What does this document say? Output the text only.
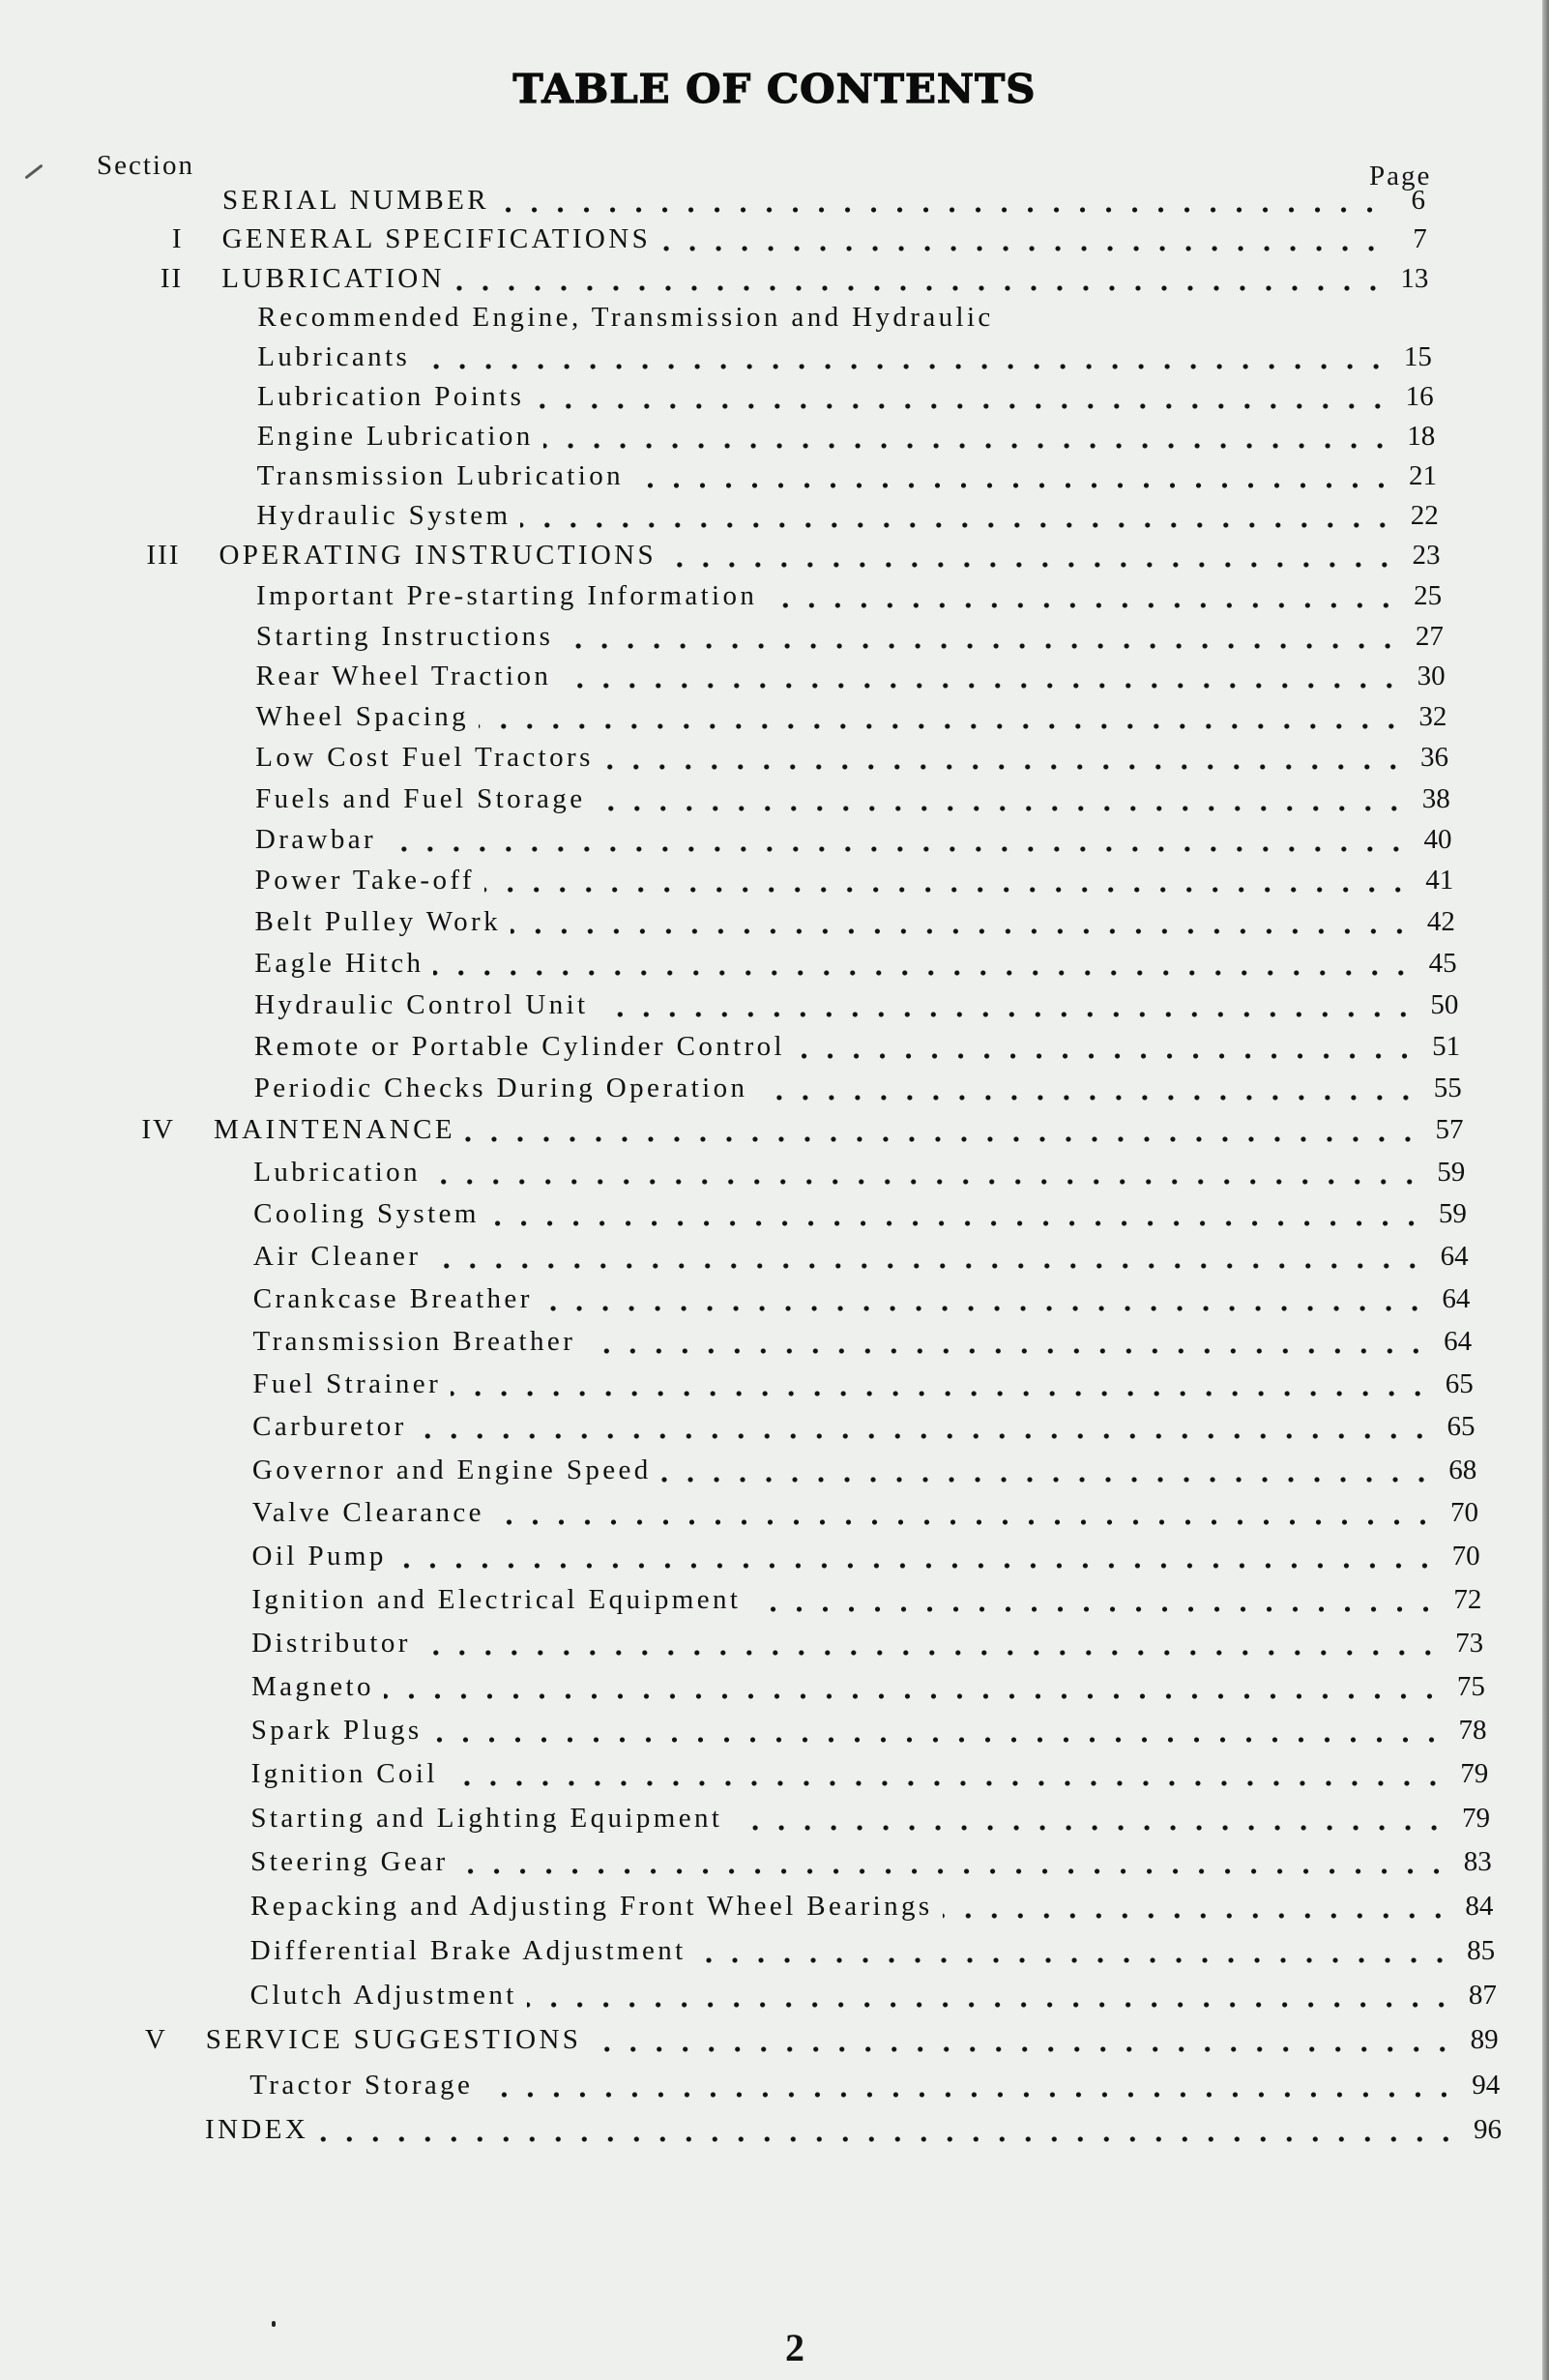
TABLE OF CONTENTS
Section	Page
SERIAL NUMBER	6
I GENERAL SPECIFICATIONS	7
II LUBRICATION	13
Recommended Engine, Transmission and Hydraulic
Lubricants	15
Lubrication Points	16
Engine Lubrication	18
Transmission Lubrication	21
Hydraulic System	22
III OPERATING INSTRUCTIONS	23
Important Pre-starting Information	25
Starting Instructions	27
Rear Wheel Traction	30
Wheel Spacing	32
Low Cost Fuel Tractors	36
Fuels and Fuel Storage	38
Drawbar	40
Power Take-off	41
Belt Pulley Work	42
Eagle Hitch	45
Hydraulic Control Unit	50
Remote or Portable Cylinder Control	51
Periodic Checks During Operation	55
IV MAINTENANCE	57
Lubrication	59
Cooling System	59
Air Cleaner	64
Crankcase Breather	64
Transmission Breather	64
Fuel Strainer	65
Carburetor	65
Governor and Engine Speed	68
Valve Clearance	70
Oil Pump	70
Ignition and Electrical Equipment	72
Distributor	73
Magneto	75
Spark Plugs	78
Ignition Coil	79
Starting and Lighting Equipment	79
Steering Gear	83
Repacking and Adjusting Front Wheel Bearings	84
Differential Brake Adjustment	85
Clutch Adjustment	87
V SERVICE SUGGESTIONS	89
Tractor Storage	94
INDEX	96
2
